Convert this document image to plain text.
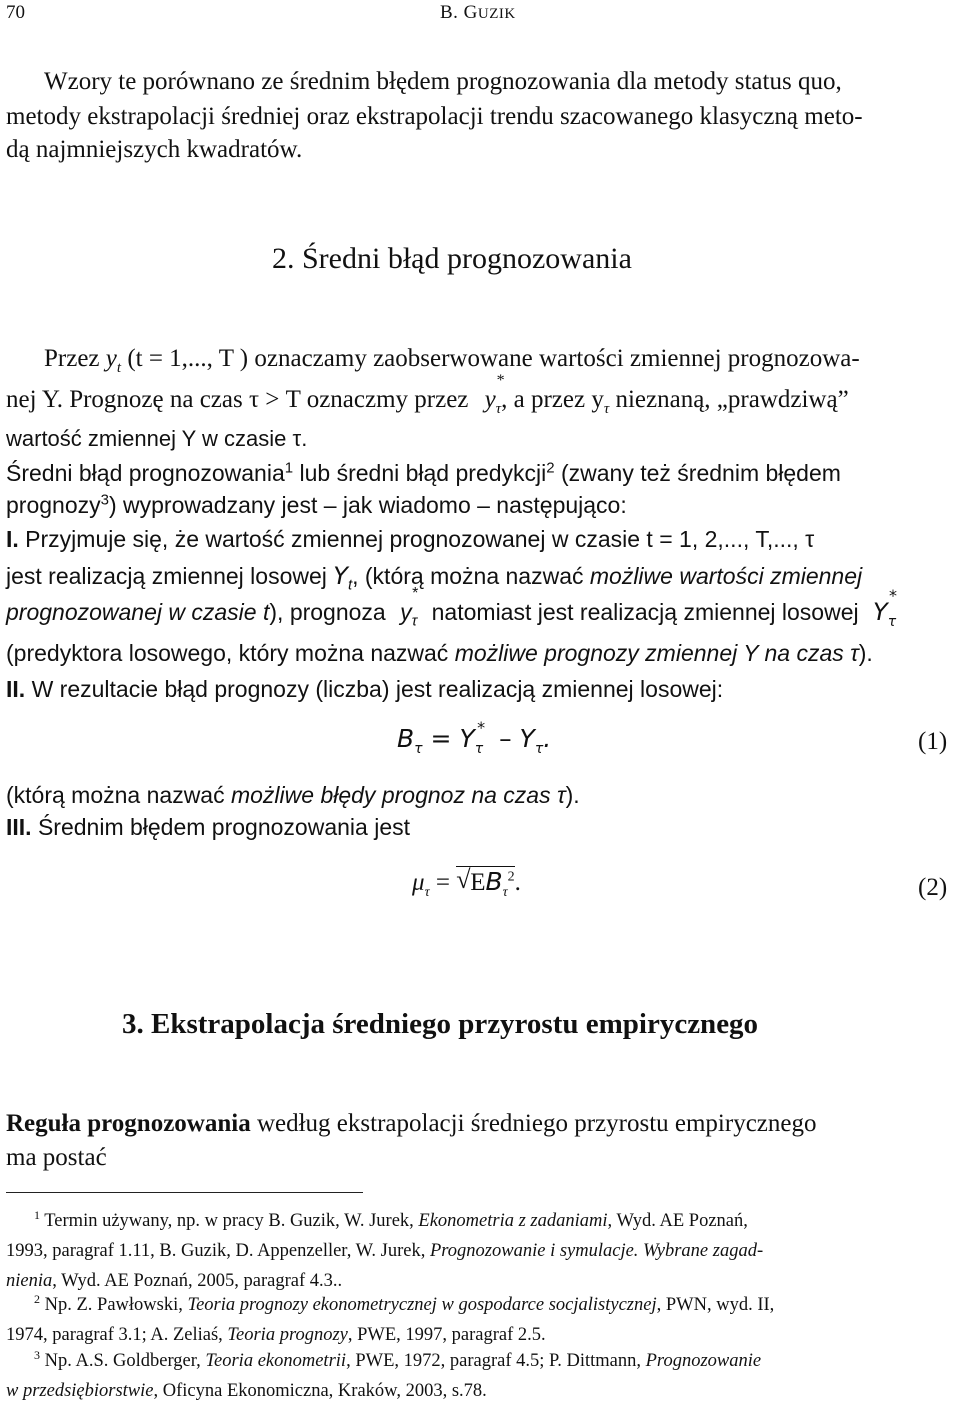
70	B. GUZIK
Wzory te porównano ze średnim błędem prognozowania dla metody status quo,
metody ekstrapolacji średniej oraz ekstrapolacji trendu szacowanego klasyczną meto-
dą najmniejszych kwadratów.
2. Średni błąd prognozowania
Przez $y_t$ (t = 1,..., T ) oznaczamy zaobserwowane wartości zmiennej prognozowa-
nej Y. Prognozę na czas τ > T oznaczmy przez $y_\tau$
*
, a przez $y_\tau$ nieznaną, „prawdziwą”
wartość zmiennej Y w czasie τ.
Średni błąd prognozowania$^1$ lub średni błąd predykcji$^2$ (zwany też średnim błędem
prognozy$^3$) wyprowadzany jest – jak wiadomo – następująco:
I. Przyjmuje się, że wartość zmiennej prognozowanej w czasie t = 1, 2,..., T,..., τ
jest realizacją zmiennej losowej $Y_t$, (którą można nazwać możliwe wartości zmiennej
prognozowanej w czasie t), prognoza $y_\tau$
*
natomiast jest realizacją zmiennej losowej $Y_\tau$
*
(predyktora losowego, który można nazwać możliwe prognozy zmiennej Y na czas τ).
II. W rezultacie błąd prognozy (liczba) jest realizacją zmiennej losowej:
$B_\tau = Y_\tau^* - Y_\tau$.	(1)
(którą można nazwać możliwe błędy prognoz na czas τ).
III. Średnim błędem prognozowania jest
$\mu_\tau$ = √ $EB_\tau^2$.	(2)
3. Ekstrapolacja średniego przyrostu empirycznego
Reguła prognozowania według ekstrapolacji średniego przyrostu empirycznego
ma postać
$^1$ Termin używany, np. w pracy B. Guzik, W. Jurek, Ekonometria z zadaniami, Wyd. AE Poznań,
1993, paragraf 1.11, B. Guzik, D. Appenzeller, W. Jurek, Prognozowanie i symulacje. Wybrane zagad-
nienia, Wyd. AE Poznań, 2005, paragraf 4.3..
$^2$ Np. Z. Pawłowski, Teoria prognozy ekonometrycznej w gospodarce socjalistycznej, PWN, wyd. II,
1974, paragraf 3.1; A. Zeliaś, Teoria prognozy, PWE, 1997, paragraf 2.5.
$^3$ Np. A.S. Goldberger, Teoria ekonometrii, PWE, 1972, paragraf 4.5; P. Dittmann, Prognozowanie
w przedsiębiorstwie, Oficyna Ekonomiczna, Kraków, 2003, s.78.
